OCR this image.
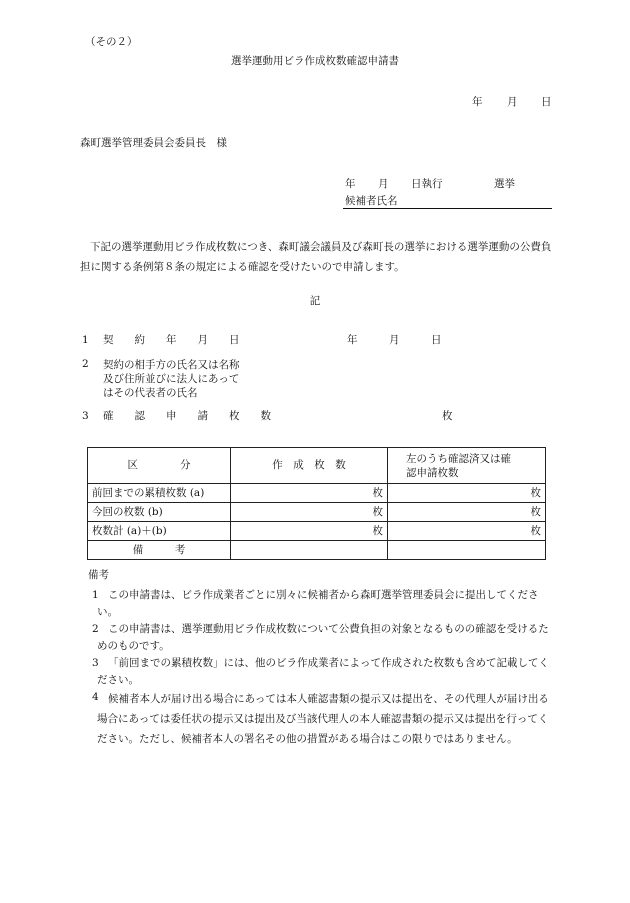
（その２）
選挙運動用ビラ作成枚数確認申請書
年 月 日
森町選挙管理委員会委員長　様
年 月 日執行	選挙
候補者氏名
下記の選挙運動用ビラ作成枚数につき、森町議会議員及び森町長の選挙における選挙運動の公費負担に関する条例第８条の規定による確認を受けたいので申請します。
記
1 契　　約　　年　　月　　日	年　　　月　　　日
2 契約の相手方の氏名又は名称及び住所並びに法人にあってはその代表者の氏名
3 確　　認　　申　　請　　枚　　数	枚
区　　　　分	作　成　枚　数	左のうち確認済又は確認申請枚数

前回までの累積枚数 (a)	枚	枚
今回の枚数 (b)	枚	枚
枚数計 (a)＋(b)	枚	枚
備　　　考		
備考
1 この申請書は、ビラ作成業者ごとに別々に候補者から森町選挙管理委員会に提出してください。
2 この申請書は、選挙運動用ビラ作成枚数について公費負担の対象となるものの確認を受けるためのものです。
3 「前回までの累積枚数」には、他のビラ作成業者によって作成された枚数も含めて記載してください。
4 候補者本人が届け出る場合にあっては本人確認書類の提示又は提出を、その代理人が届け出る場合にあっては委任状の提示又は提出及び当該代理人の本人確認書類の提示又は提出を行ってください。ただし、候補者本人の署名その他の措置がある場合はこの限りではありません。
